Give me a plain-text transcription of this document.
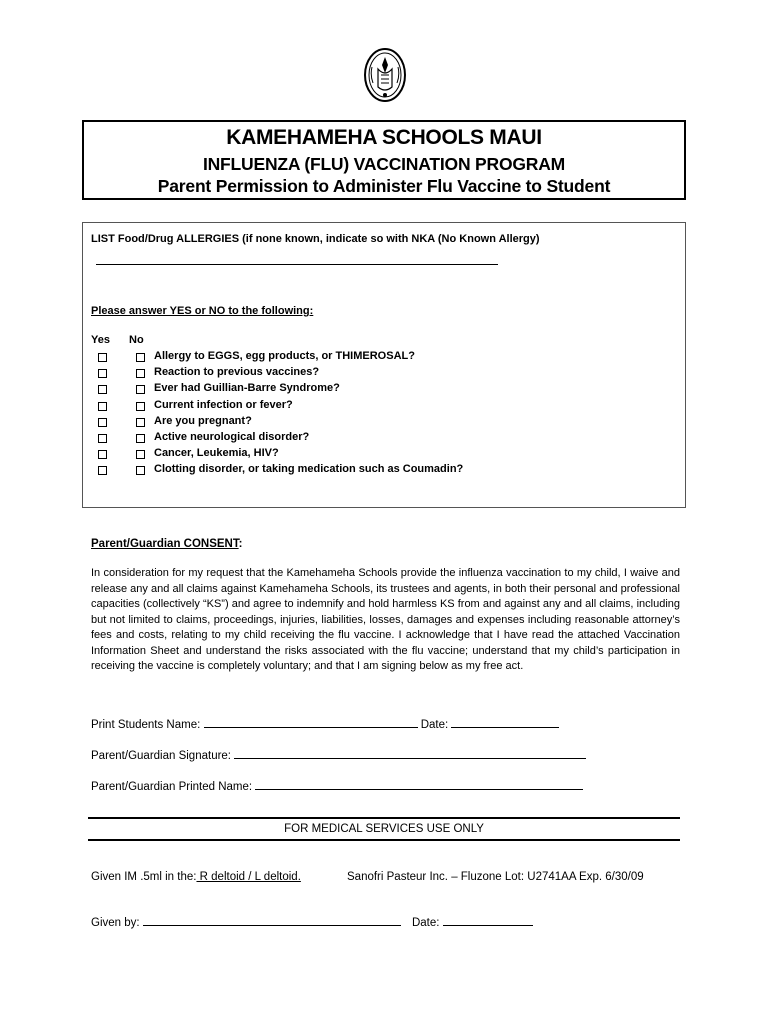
KAMEHAMEHA SCHOOLS MAUI
INFLUENZA (FLU) VACCINATION PROGRAM
Parent Permission to Administer Flu Vaccine to Student
LIST Food/Drug ALLERGIES (if none known, indicate so with NKA (No Known Allergy)
Please answer YES or NO to the following:
Yes No
Allergy to EGGS, egg products, or THIMEROSAL?
Reaction to previous vaccines?
Ever had Guillian-Barre Syndrome?
Current infection or fever?
Are you pregnant?
Active neurological disorder?
Cancer, Leukemia, HIV?
Clotting disorder, or taking medication such as Coumadin?
Parent/Guardian CONSENT:
In consideration for my request that the Kamehameha Schools provide the influenza vaccination to my child, I waive and release any and all claims against Kamehameha Schools, its trustees and agents, in both their personal and professional capacities (collectively “KS”) and agree to indemnify and hold harmless KS from and against any and all claims, including but not limited to claims, proceedings, injuries, liabilities, losses, damages and expenses including reasonable attorney’s fees and costs, relating to my child receiving the flu vaccine. I acknowledge that I have read the attached Vaccination Information Sheet and understand the risks associated with the flu vaccine; understand that my child’s participation in receiving the vaccine is completely voluntary; and that I am signing below as my free act.
Print Students Name:	Date:
Parent/Guardian Signature:
Parent/Guardian Printed Name:
FOR MEDICAL SERVICES USE ONLY
Given IM .5ml in the: R deltoid / L deltoid.	Sanofri Pasteur Inc. – Fluzone Lot: U2741AA Exp. 6/30/09
Given by:	Date:
